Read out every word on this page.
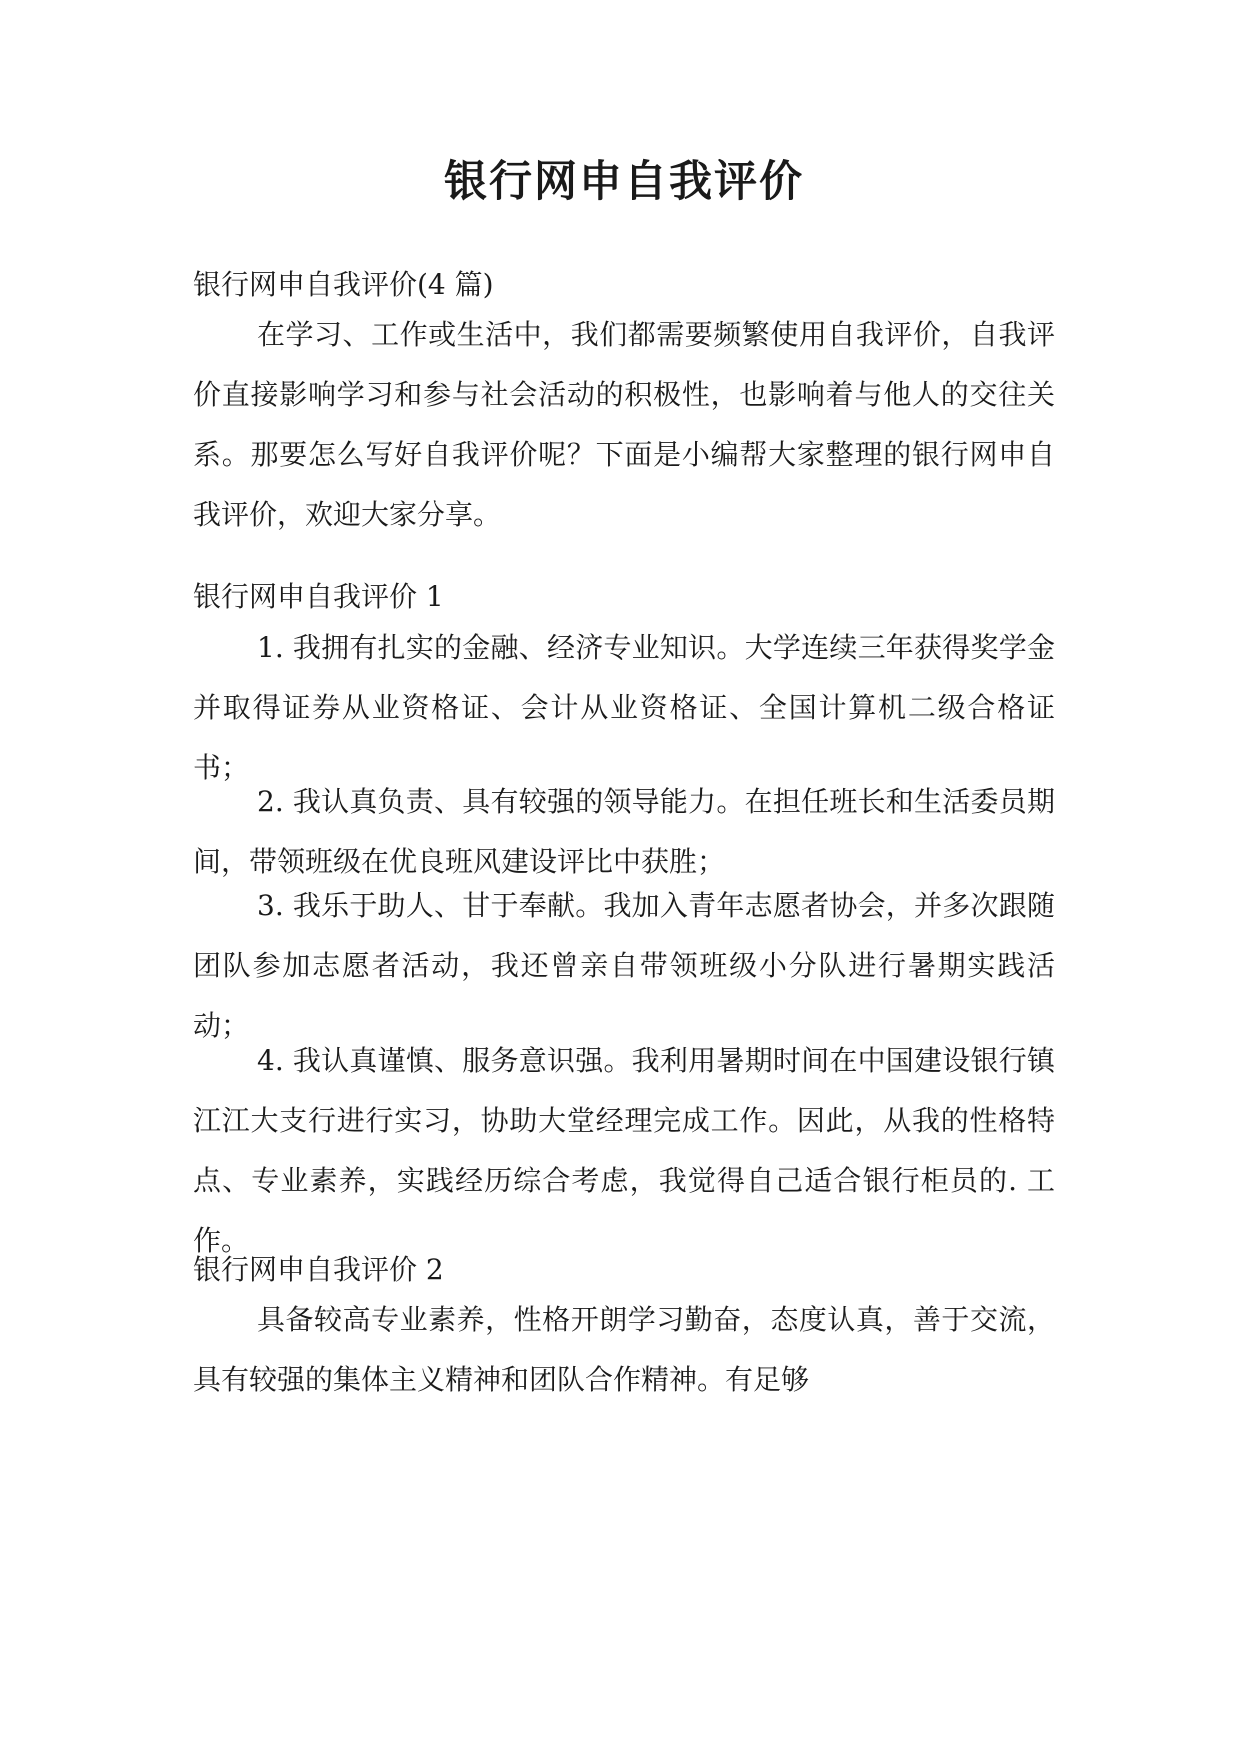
银行网申自我评价

银行网申自我评价(4 篇)

在学习、工作或生活中，我们都需要频繁使用自我评价，自我评价直接影响学习和参与社会活动的积极性，也影响着与他人的交往关系。那要怎么写好自我评价呢？下面是小编帮大家整理的银行网申自我评价，欢迎大家分享。

银行网申自我评价 1

1. 我拥有扎实的金融、经济专业知识。大学连续三年获得奖学金并取得证券从业资格证、会计从业资格证、全国计算机二级合格证书；

2. 我认真负责、具有较强的领导能力。在担任班长和生活委员期间，带领班级在优良班风建设评比中获胜；

3. 我乐于助人、甘于奉献。我加入青年志愿者协会，并多次跟随团队参加志愿者活动，我还曾亲自带领班级小分队进行暑期实践活动；

4. 我认真谨慎、服务意识强。我利用暑期时间在中国建设银行镇江江大支行进行实习，协助大堂经理完成工作。因此，从我的性格特点、专业素养，实践经历综合考虑，我觉得自己适合银行柜员的. 工作。

银行网申自我评价 2

具备较高专业素养，性格开朗学习勤奋，态度认真，善于交流，具有较强的集体主义精神和团队合作精神。有足够
